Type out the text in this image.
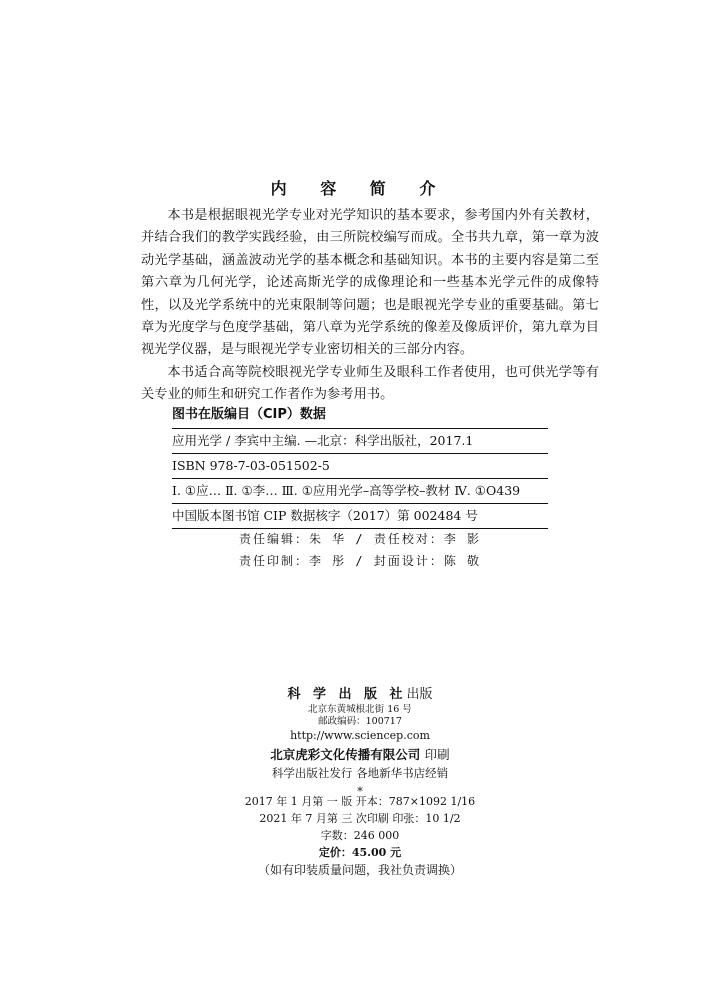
内 容 简 介

本书是根据眼视光学专业对光学知识的基本要求，参考国内外有关教材，并结合我们的教学实践经验，由三所院校编写而成。全书共九章，第一章为波动光学基础，涵盖波动光学的基本概念和基础知识。本书的主要内容是第二至第六章为几何光学，论述高斯光学的成像理论和一些基本光学元件的成像特性，以及光学系统中的光束限制等问题；也是眼视光学专业的重要基础。第七章为光度学与色度学基础，第八章为光学系统的像差及像质评价，第九章为目视光学仪器，是与眼视光学专业密切相关的三部分内容。

本书适合高等院校眼视光学专业师生及眼科工作者使用，也可供光学等有关专业的师生和研究工作者作为参考用书。

图书在版编目（CIP）数据
应用光学 / 李宾中主编. —北京：科学出版社，2017.1
ISBN 978-7-03-051502-5
Ⅰ. ①应… Ⅱ. ①李… Ⅲ. ①应用光学–高等学校–教材 Ⅳ. ①O439
中国版本图书馆 CIP 数据核字（2017）第 002484 号
责任编辑：朱 华 / 责任校对：李 影
责任印制：李 彤 / 封面设计：陈 敬
科 学 出 版 社出版
北京东黄城根北街 16 号
邮政编码：100717
http://www.sciencep.com
北京虎彩文化传播有限公司 印刷
科学出版社发行 各地新华书店经销
*
2017 年 1 月第 一 版 开本：787×1092 1/16
2021 年 7 月第 三 次印刷 印张：10 1/2
字数：246 000
定价：45.00 元
（如有印装质量问题，我社负责调换）
